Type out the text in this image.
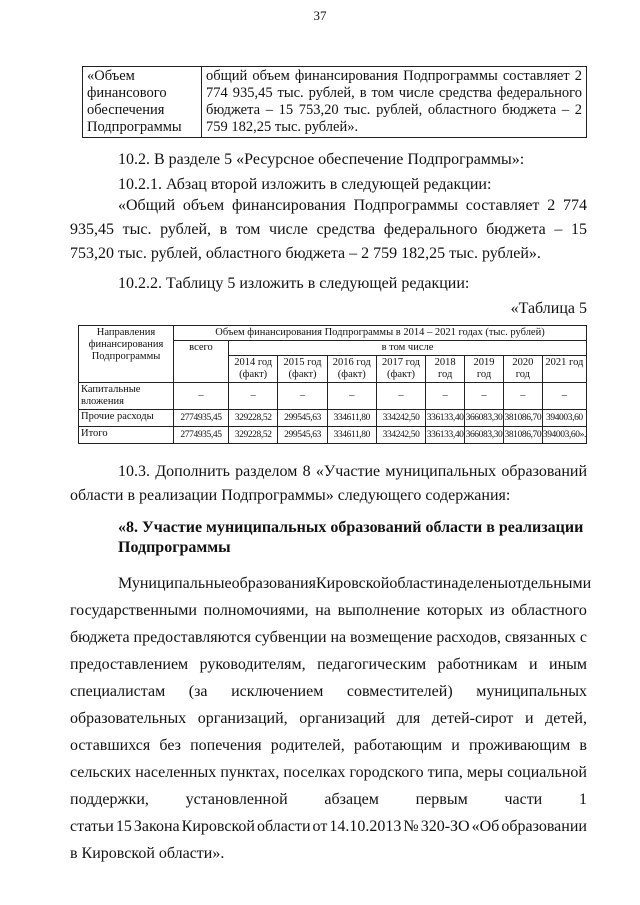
37
«Объем
финансового
обеспечения
Подпрограммы
	общий объем финансирования Подпрограммы составляет 2 774 935,45 тыс. рублей, в том числе средства федерального бюджета – 15 753,20 тыс. рублей, областного бюджета – 2 759 182,25 тыс. рублей».
10.2. В разделе 5 «Ресурсное обеспечение Подпрограммы»:
10.2.1. Абзац второй изложить в следующей редакции:
«Общий объем финансирования Подпрограммы составляет 2 774 935,45 тыс. рублей, в том числе средства федерального бюджета – 15 753,20 тыс. рублей, областного бюджета – 2 759 182,25 тыс. рублей».
10.2.2. Таблицу 5 изложить в следующей редакции:
«Таблица 5
Направления финансирования Подпрограммы	Объем финансирования Подпрограммы в 2014 – 2021 годах (тыс. рублей)								
	всего	в том числе							
		2014 год (факт)	2015 год (факт)	2016 год (факт)	2017 год (факт)	2018 год	2019 год	2020 год	2021 год
Капитальные вложения	–	–	–	–	–	–	–	–	–
Прочие расходы	2774935,45	329228,52	299545,63	334611,80	334242,50	336133,40	366083,30	381086,70	394003,60
Итого	2774935,45	329228,52	299545,63	334611,80	334242,50	336133,40	366083,30	381086,70	394003,60».
10.3. Дополнить разделом 8 «Участие муниципальных образований области в реализации Подпрограммы» следующего содержания:
«8. Участие муниципальных образований области в реализации Подпрограммы
Муниципальные образования Кировской области наделены отдельными
государственными полномочиями, на выполнение которых из областного
бюджета предоставляются субвенции на возмещение расходов, связанных с
предоставлением руководителям, педагогическим работникам и иным
специалистам (за исключением совместителей) муниципальных
образовательных организаций, организаций для детей-сирот и детей,
оставшихся без попечения родителей, работающим и проживающим в
сельских населенных пунктах, поселках городского типа, меры социальной
поддержки, установленной абзацем первым части 1
статьи 15 Закона Кировской области от 14.10.2013 № 320-ЗО «Об образовании
в Кировской области».
